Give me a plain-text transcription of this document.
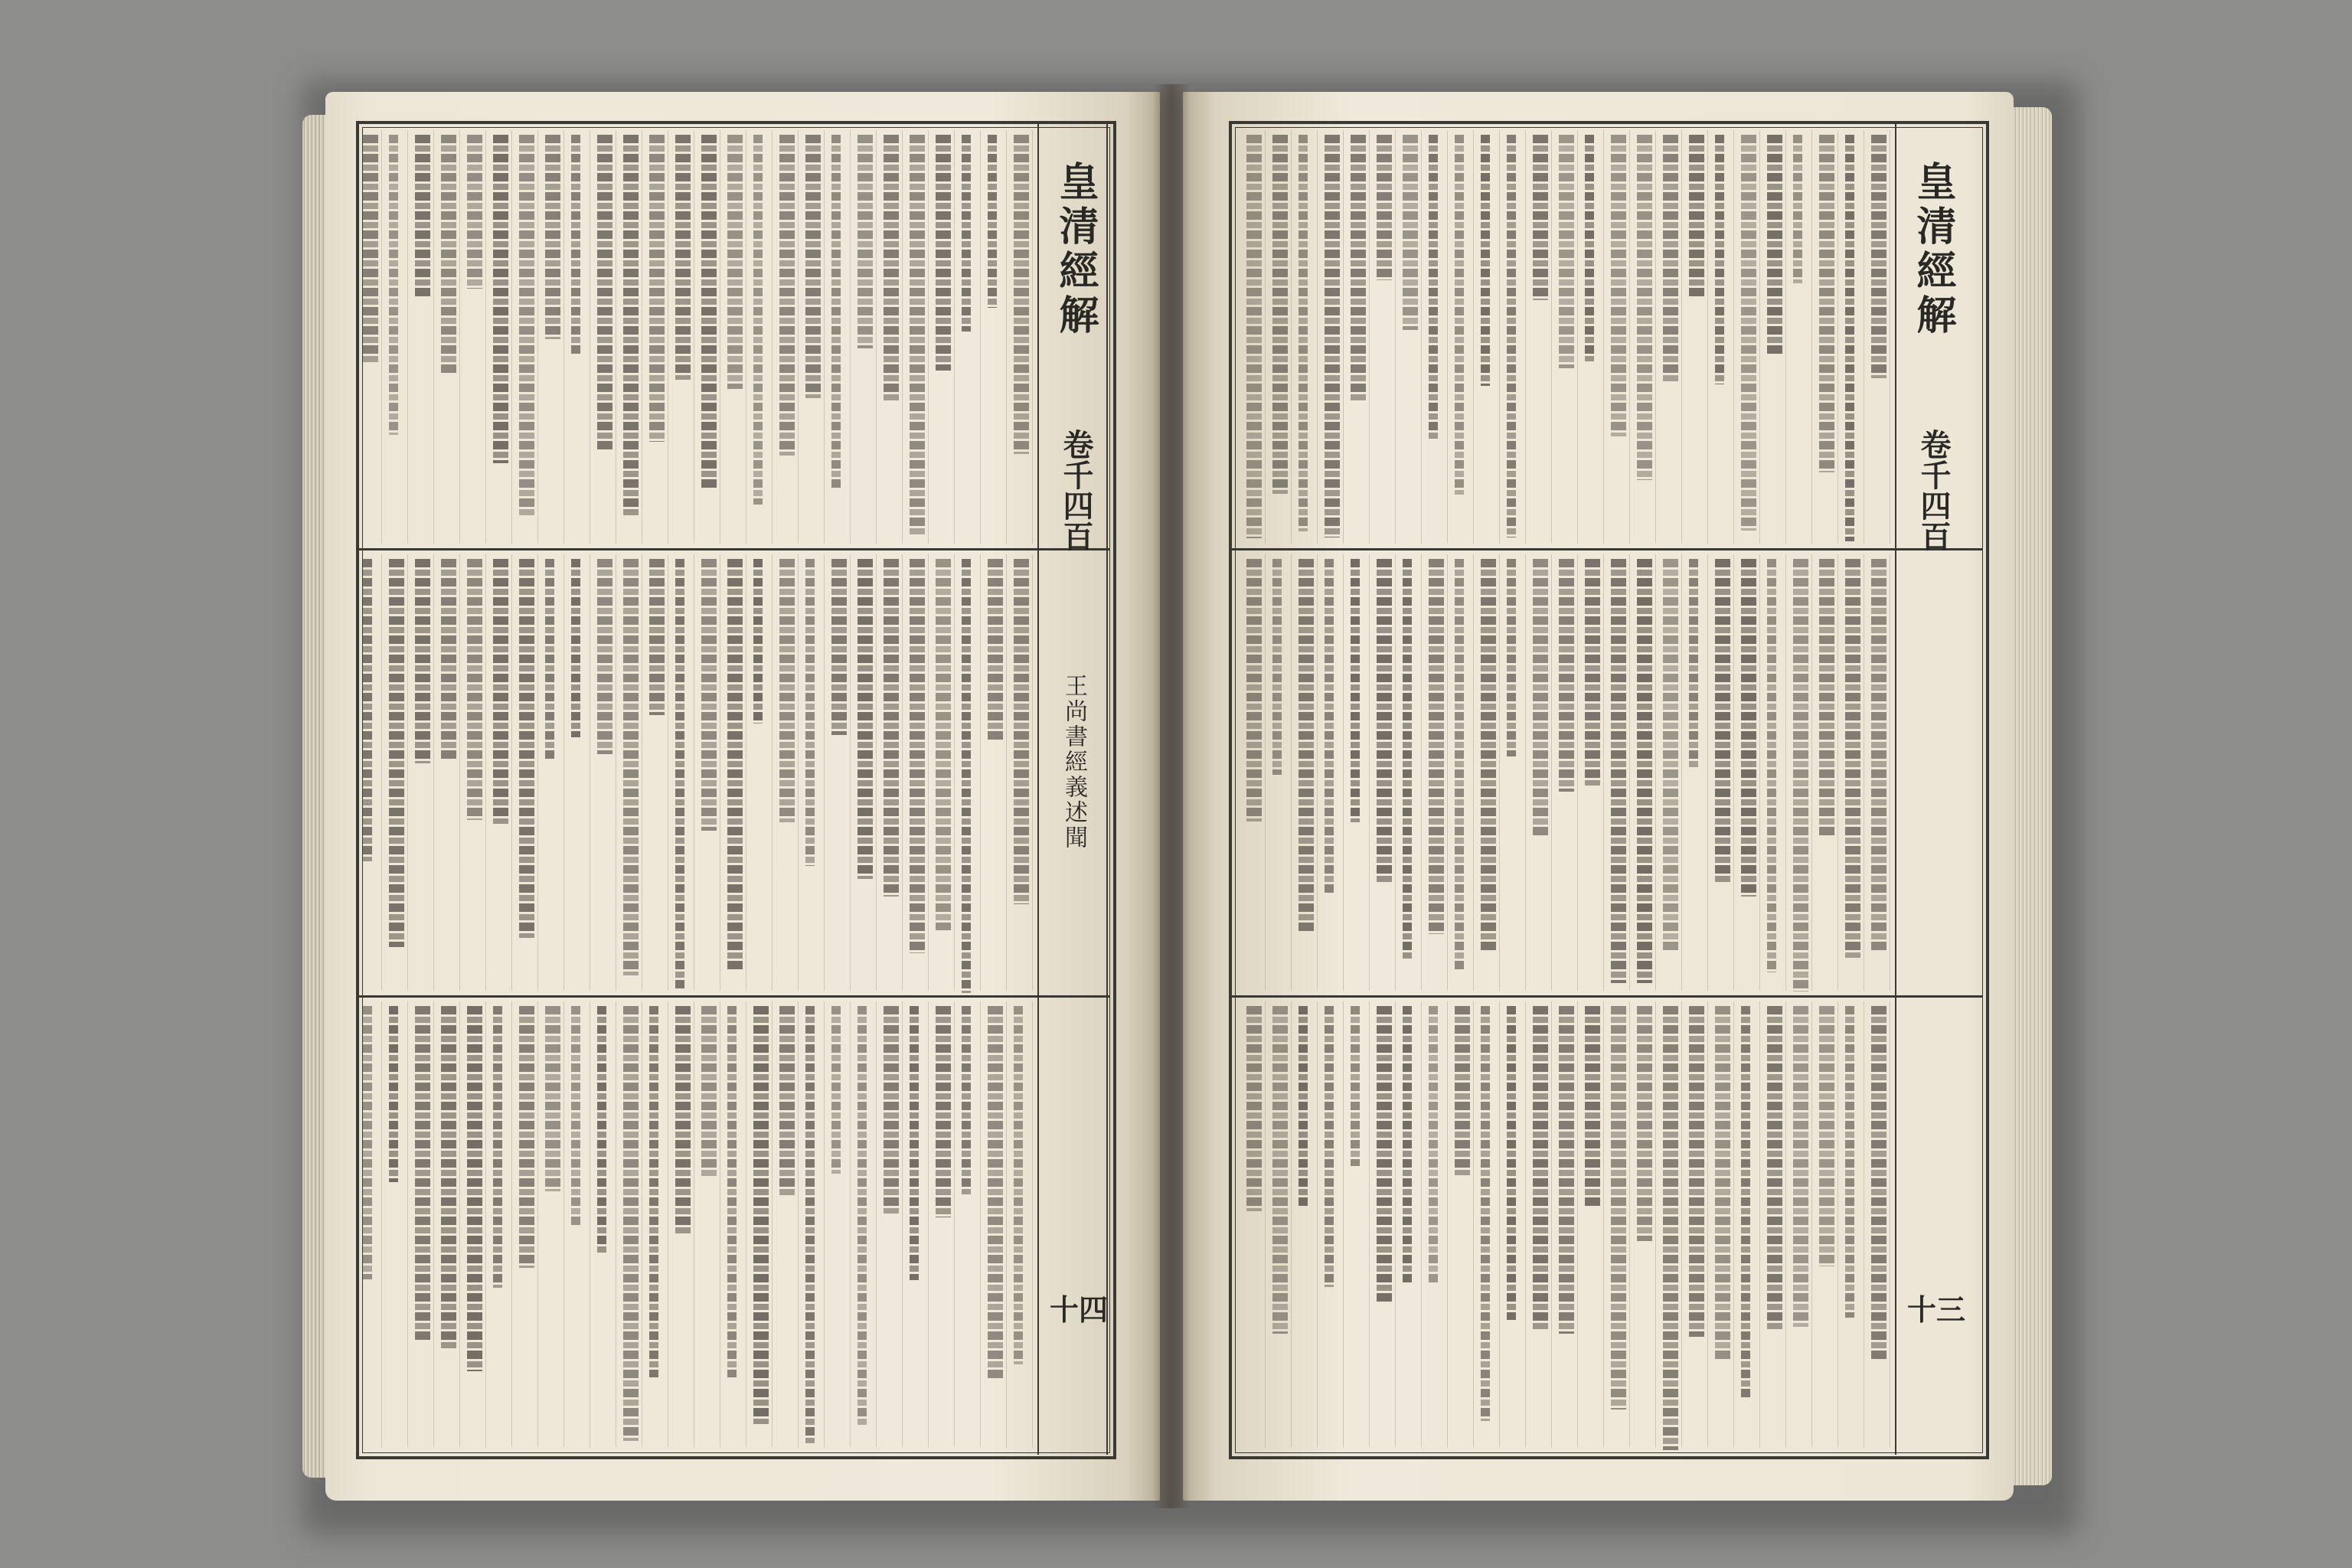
皇清經解
卷千四百
王尚書經義述聞
十四
皇清經解
卷千四百
十三
